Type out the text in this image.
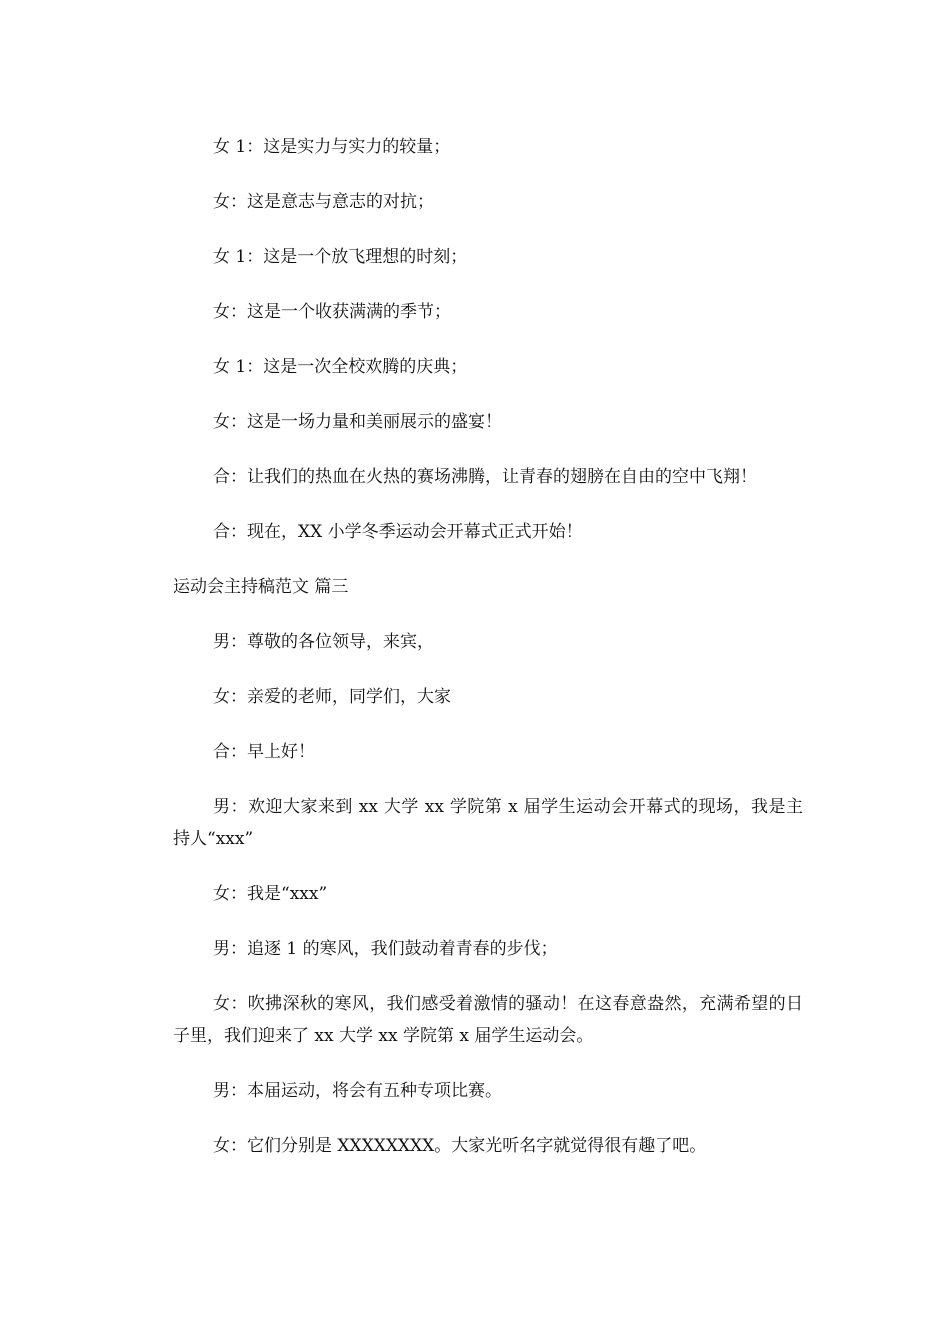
女 1：这是实力与实力的较量；

女：这是意志与意志的对抗；

女 1：这是一个放飞理想的时刻；

女：这是一个收获满满的季节；

女 1：这是一次全校欢腾的庆典；

女：这是一场力量和美丽展示的盛宴！

合：让我们的热血在火热的赛场沸腾，让青春的翅膀在自由的空中飞翔！

合：现在，XX 小学冬季运动会开幕式正式开始！

运动会主持稿范文 篇三

男：尊敬的各位领导，来宾，

女：亲爱的老师，同学们，大家

合：早上好！

男：欢迎大家来到 xx 大学 xx 学院第 x 届学生运动会开幕式的现场，我是主持人“xxx”

女：我是“xxx”

男：追逐 1 的寒风，我们鼓动着青春的步伐；

女：吹拂深秋的寒风，我们感受着激情的骚动！在这春意盎然，充满希望的日子里，我们迎来了 xx 大学 xx 学院第 x 届学生运动会。

男：本届运动，将会有五种专项比赛。

女：它们分别是 XXXXXXXX。大家光听名字就觉得很有趣了吧。
